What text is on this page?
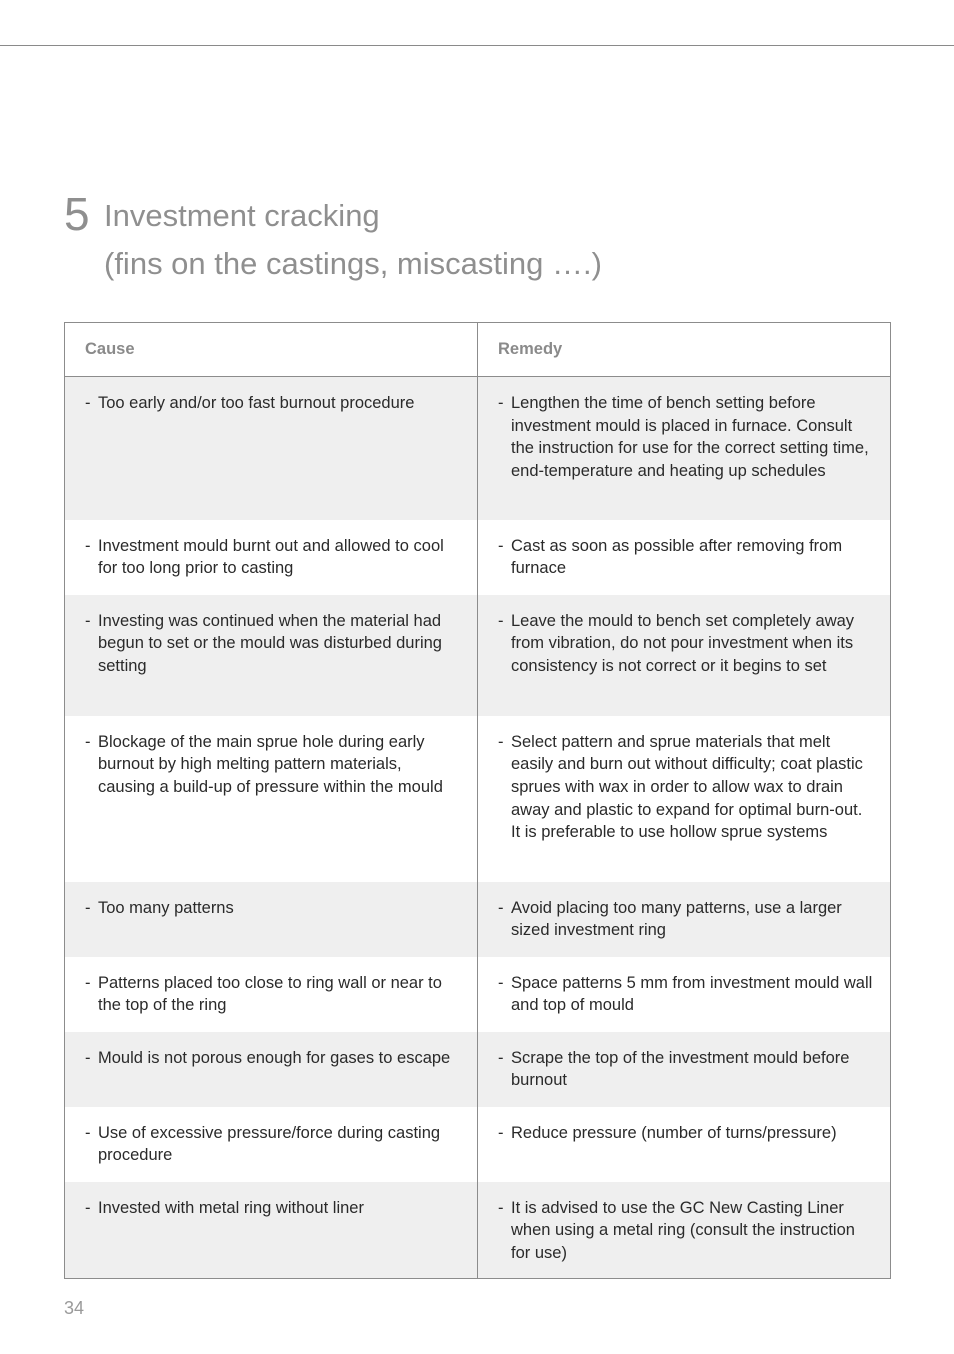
5 Investment cracking
(fins on the castings, miscasting ….)
Cause	Remedy

- Too early and/or too fast burnout procedure	- Lengthen the time of bench setting before investment mould is placed in furnace. Consult the instruction for use for the correct setting time, end-temperature and heating up schedules

- Investment mould burnt out and allowed to cool for too long prior to casting	- Cast as soon as possible after removing from furnace

- Investing was continued when the material had begun to set or the mould was disturbed during setting	- Leave the mould to bench set completely away from vibration, do not pour investment when its consistency is not correct or it begins to set

- Blockage of the main sprue hole during early burnout by high melting pattern materials, causing a build-up of pressure within the mould	- Select pattern and sprue materials that melt easily and burn out without difficulty; coat plastic sprues with wax in order to allow wax to drain away and plastic to expand for optimal burn-out. It is preferable to use hollow sprue systems

- Too many patterns	- Avoid placing too many patterns, use a larger sized investment ring

- Patterns placed too close to ring wall or near to the top of the ring	- Space patterns 5 mm from investment mould wall and top of mould

- Mould is not porous enough for gases to escape	- Scrape the top of the investment mould before burnout

- Use of excessive pressure/force during casting procedure	- Reduce pressure (number of turns/pressure)

- Invested with metal ring without liner	- It is advised to use the GC New Casting Liner when using a metal ring (consult the instruction for use)
34
